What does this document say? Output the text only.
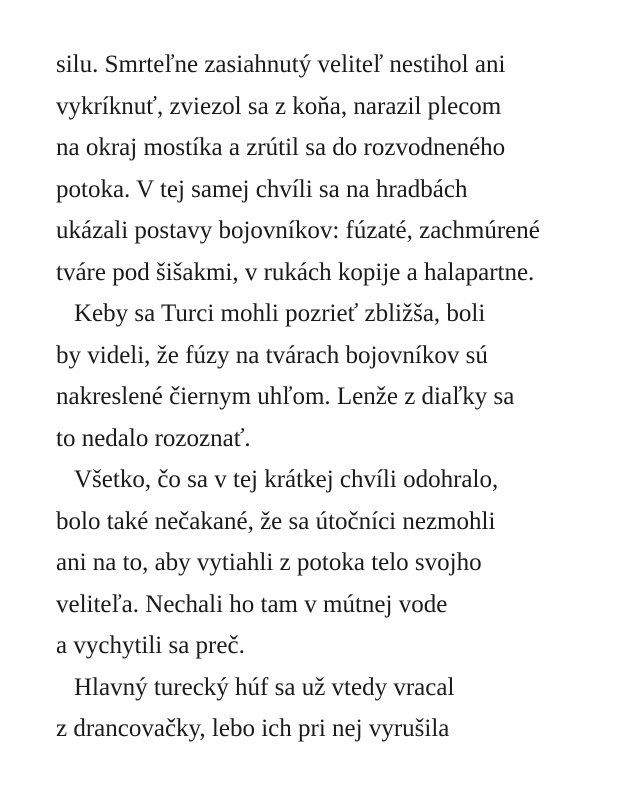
silu. Smrteľne zasiahnutý veliteľ nestihol ani
vykríknuť, zviezol sa z koňa, narazil plecom
na okraj mostíka a zrútil sa do rozvodneného
potoka. V tej samej chvíli sa na hradbách
ukázali postavy bojovníkov: fúzaté, zachmúrené
tváre pod šišakmi, v rukách kopije a halapartne.

Keby sa Turci mohli pozrieť zbližša, boli
by videli, že fúzy na tvárach bojovníkov sú
nakreslené čiernym uhľom. Lenže z diaľky sa
to nedalo rozoznať.

Všetko, čo sa v tej krátkej chvíli odohralo,
bolo také nečakané, že sa útočníci nezmohli
ani na to, aby vytiahli z potoka telo svojho
veliteľa. Nechali ho tam v mútnej vode
a vychytili sa preč.

Hlavný turecký húf sa už vtedy vracal
z drancovačky, lebo ich pri nej vyrušila
